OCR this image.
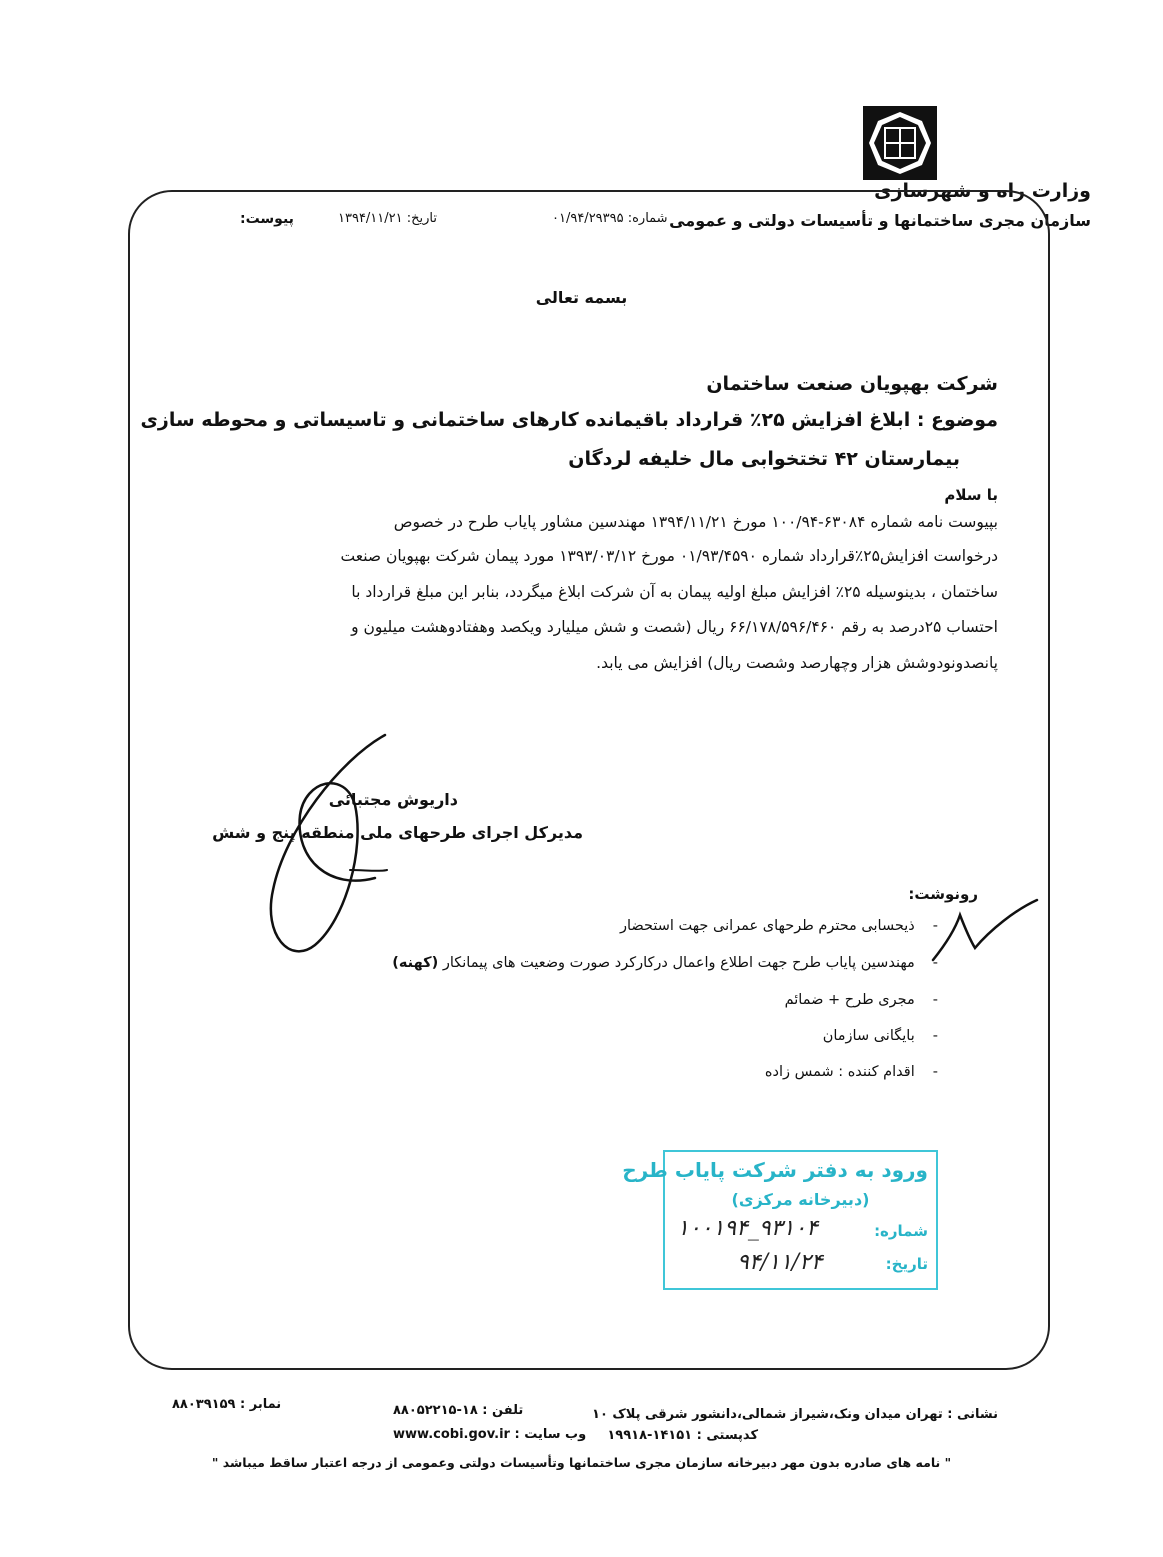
وزارت راه و شهرسازی
سازمان مجری ساختمانها و تأسیسات دولتی و عمومی
شماره: ۰۱/۹۴/۲۹۳۹۵
تاریخ: ۱۳۹۴/۱۱/۲۱
پیوست:
بسمه تعالی
شرکت بهپویان صنعت ساختمان
موضوع : ابلاغ افزایش ۲۵٪ قرارداد باقیمانده کارهای ساختمانی و تاسیساتی و محوطه سازی
بیمارستان ۴۲ تختخوابی مال خلیفه لردگان
با سلام
بپیوست نامه شماره ۶۳۰۸۴-۱۰۰/۹۴ مورخ ۱۳۹۴/۱۱/۲۱ مهندسین مشاور پایاب طرح در خصوص
درخواست افزایش۲۵٪قرارداد شماره ۰۱/۹۳/۴۵۹۰ مورخ ۱۳۹۳/۰۳/۱۲ مورد پیمان شرکت بهپویان صنعت
ساختمان ، بدینوسیله ۲۵٪ افزایش مبلغ اولیه پیمان به آن شرکت ابلاغ میگردد، بنابر این مبلغ قرارداد با
احتساب ۲۵درصد به رقم ۶۶/۱۷۸/۵۹۶/۴۶۰ ریال (شصت و شش میلیارد ویکصد وهفتادوهشت میلیون و
پانصدونودوشش هزار وچهارصد وشصت ریال) افزایش می یابد.
داریوش مجتبائی
مدیرکل اجرای طرحهای ملی منطقه پنج و شش
رونوشت:
-ذیحسابی محترم طرحهای عمرانی جهت استحضار
-مهندسین پایاب طرح جهت اطلاع واعمال درکارکرد صورت وضعیت های پیمانکار (کهنه)
-مجری طرح + ضمائم
-بایگانی سازمان
-اقدام کننده : شمس زاده
ورود به دفتر شرکت پایاب طرح
(دبیرخانه مرکزی)
شماره:
۱۰۰۱۹۴_۹۳۱۰۴
تاریخ:
۹۴/۱۱/۲۴
نشانی : تهران میدان ونک،شیراز شمالی،دانشور شرقی پلاک ۱۰
کدپستی : ۱۴۱۵۱-۱۹۹۱۸
تلفن : ۱۸-۸۸۰۵۲۲۱۵
www.cobi.gov.ir : وب سایت
نمابر : ۸۸۰۳۹۱۵۹
" نامه های صادره بدون مهر دبیرخانه سازمان مجری ساختمانها وتأسیسات دولتی وعمومی از درجه اعتبار ساقط میباشد "
